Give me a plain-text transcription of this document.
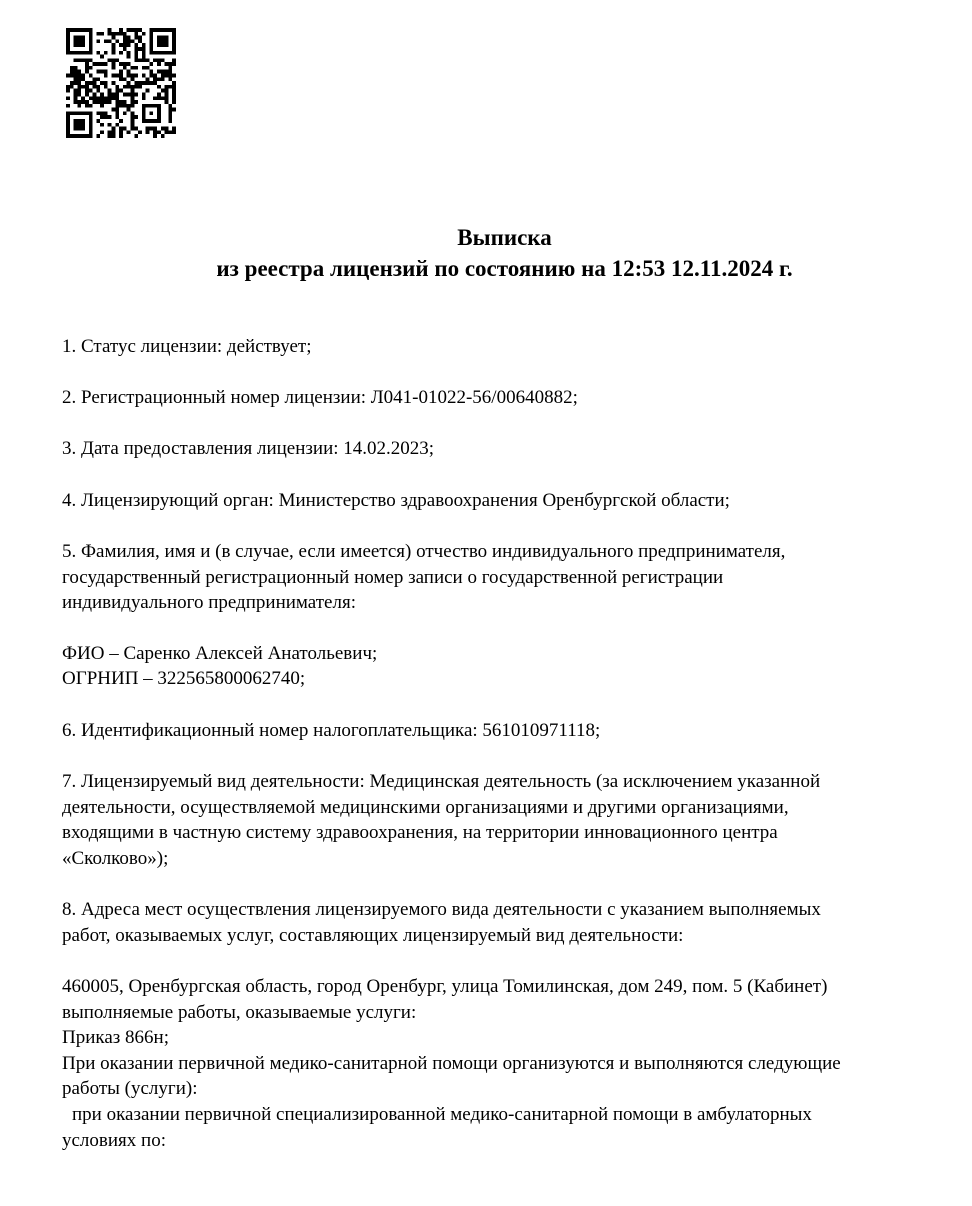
Выписка
из реестра лицензий по состоянию на 12:53 12.11.2024 г.
1. Статус лицензии: действует;
2. Регистрационный номер лицензии: Л041-01022-56/00640882;
3. Дата предоставления лицензии: 14.02.2023;
4. Лицензирующий орган: Министерство здравоохранения Оренбургской области;
5. Фамилия, имя и (в случае, если имеется) отчество индивидуального предпринимателя,
государственный регистрационный номер записи о государственной регистрации
индивидуального предпринимателя:
ФИО – Саренко Алексей Анатольевич;
ОГРНИП – 322565800062740;
6. Идентификационный номер налогоплательщика: 561010971118;
7. Лицензируемый вид деятельности: Медицинская деятельность (за исключением указанной
деятельности, осуществляемой медицинскими организациями и другими организациями,
входящими в частную систему здравоохранения, на территории инновационного центра
«Сколково»);
8. Адреса мест осуществления лицензируемого вида деятельности с указанием выполняемых
работ, оказываемых услуг, составляющих лицензируемый вид деятельности:
460005, Оренбургская область, город Оренбург, улица Томилинская, дом 249, пом. 5 (Кабинет)
выполняемые работы, оказываемые услуги:
Приказ 866н;
При оказании первичной медико-санитарной помощи организуются и выполняются следующие
работы (услуги):
при оказании первичной специализированной медико-санитарной помощи в амбулаторных
условиях по:
